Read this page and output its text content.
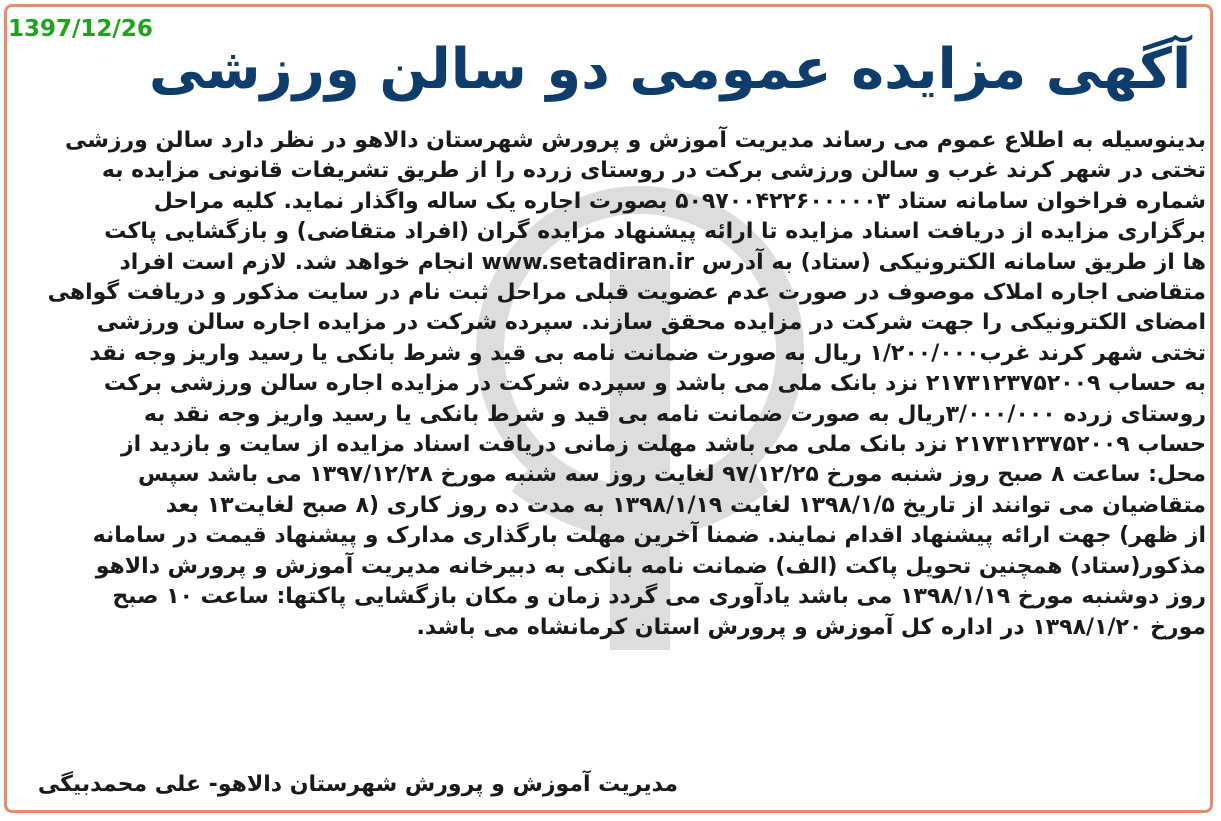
1397/12/26
آگهی مزایده عمومی دو سالن ورزشی
بدینوسیله به اطلاع عموم می رساند مدیریت آموزش و پرورش شهرستان دالاهو در نظر دارد سالن ورزشی
تختی در شهر کرند غرب و سالن ورزشی برکت در روستای زرده را از طریق تشریفات قانونی مزایده به
شماره فراخوان سامانه ستاد ۵۰۹۷۰۰۴۲۲۶۰۰۰۰۰۳ بصورت اجاره یک ساله واگذار نماید. کلیه مراحل
برگزاری مزایده از دریافت اسناد مزایده تا ارائه پیشنهاد مزایده گران (افراد متقاضی) و بازگشایی پاکت
ها از طریق سامانه الکترونیکی (ستاد) به آدرس www.setadiran.ir انجام خواهد شد. لازم است افراد
متقاضی اجاره املاک موصوف در صورت عدم عضویت قبلی مراحل ثبت نام در سایت مذکور و دریافت گواهی
امضای الکترونیکی را جهت شرکت در مزایده محقق سازند. سپرده شرکت در مزایده اجاره سالن ورزشی
تختی شهر کرند غرب۱/۲۰۰/۰۰۰ ریال به صورت ضمانت نامه بی قید و شرط بانکی یا رسید واریز وجه نقد
به حساب ۲۱۷۳۱۲۳۷۵۲۰۰۹ نزد بانک ملی می باشد و سپرده شرکت در مزایده اجاره سالن ورزشی برکت
روستای زرده ۳/۰۰۰/۰۰۰ریال به صورت ضمانت نامه بی قید و شرط بانکی یا رسید واریز وجه نقد به
حساب ۲۱۷۳۱۲۳۷۵۲۰۰۹ نزد بانک ملی می باشد مهلت زمانی دریافت اسناد مزایده از سایت و بازدید از
محل: ساعت ۸ صبح روز شنبه مورخ ۹۷/۱۲/۲۵ لغایت روز سه شنبه مورخ ۱۳۹۷/۱۲/۲۸ می باشد سپس
متقاضیان می توانند از تاریخ ۱۳۹۸/۱/۵ لغایت ۱۳۹۸/۱/۱۹ به مدت ده روز کاری (۸ صبح لغایت۱۳ بعد
از ظهر) جهت ارائه پیشنهاد اقدام نمایند. ضمنا آخرین مهلت بارگذاری مدارک و پیشنهاد قیمت در سامانه
مذکور(ستاد) همچنین تحویل پاکت (الف) ضمانت نامه بانکی به دبیرخانه مدیریت آموزش و پرورش دالاهو
روز دوشنبه مورخ ۱۳۹۸/۱/۱۹ می باشد یادآوری می گردد زمان و مکان بازگشایی پاکتها: ساعت ۱۰ صبح
مورخ ۱۳۹۸/۱/۲۰ در اداره کل آموزش و پرورش استان کرمانشاه می باشد.
مدیریت آموزش و پرورش شهرستان دالاهو- علی محمدبیگی
